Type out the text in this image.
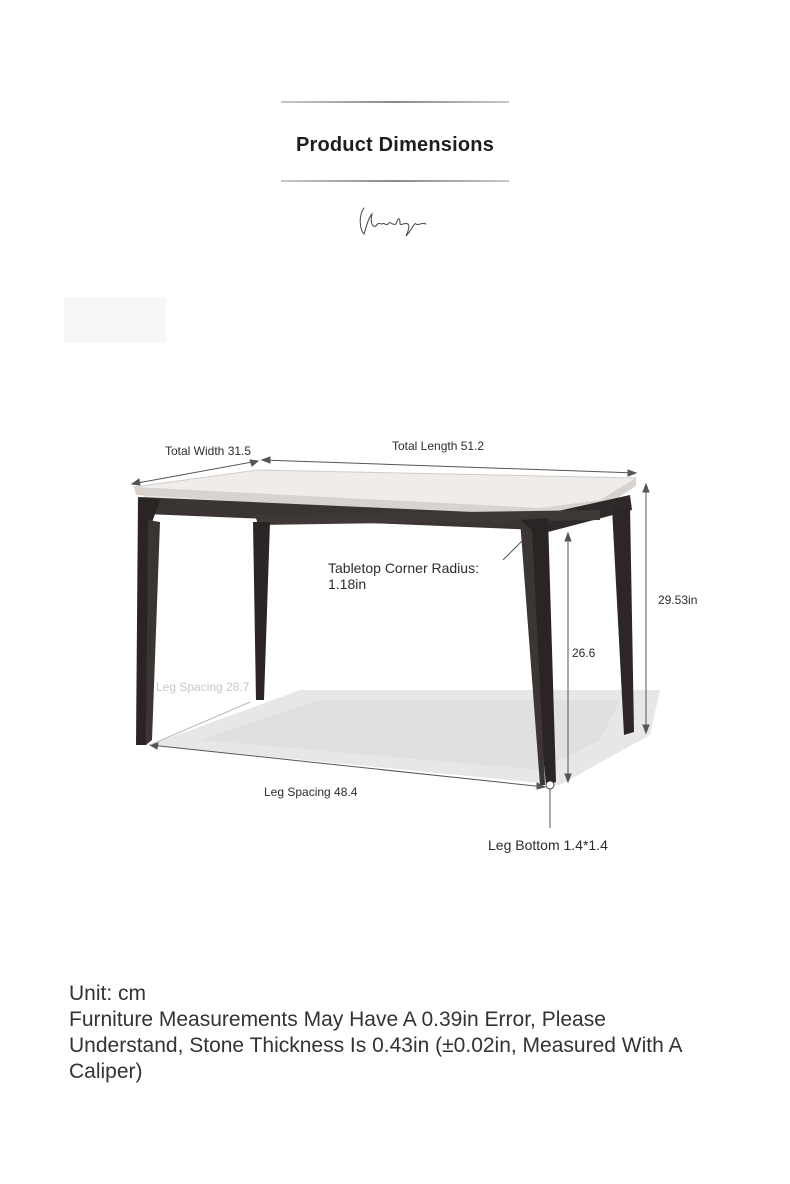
Product Dimensions
Total Width 31.5	Total Length 51.2
Tabletop Corner Radius:
1.18in
29.53in
26.6
Leg Spacing 28.7
Leg Spacing 48.4
Leg Bottom 1.4*1.4
Unit: cm
Furniture Measurements May Have A 0.39in Error, Please Understand, Stone Thickness Is 0.43in (±0.02in, Measured With A Caliper)
